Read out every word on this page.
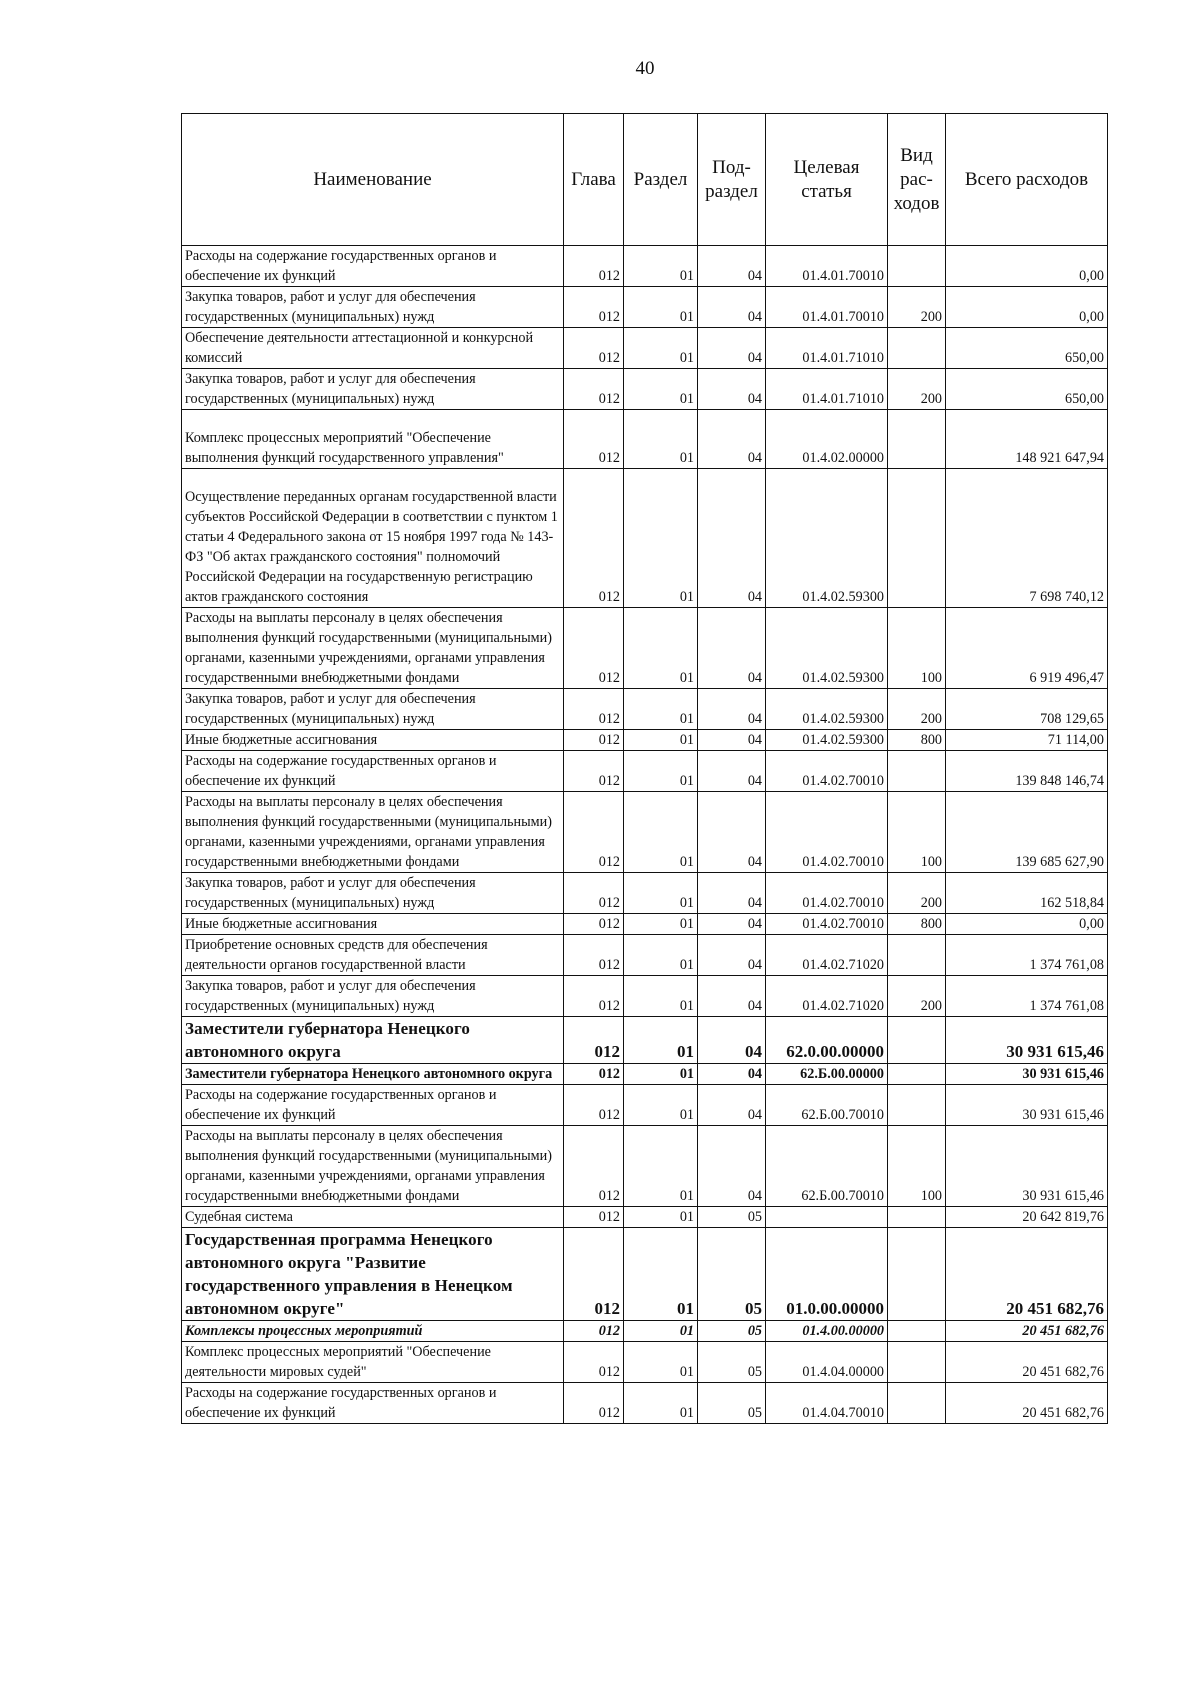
40
Наименование	Глава	Раздел	Под-раздел	Целевая статья	Вид рас-ходов	Всего расходов
Расходы на содержание государственных органов и обеспечение их функций	012	01	04	01.4.01.70010		0,00
Закупка товаров, работ и услуг для обеспечения государственных (муниципальных) нужд	012	01	04	01.4.01.70010	200	0,00
Обеспечение деятельности аттестационной и конкурсной комиссий	012	01	04	01.4.01.71010		650,00
Закупка товаров, работ и услуг для обеспечения государственных (муниципальных) нужд	012	01	04	01.4.01.71010	200	650,00
Комплекс процессных мероприятий "Обеспечение выполнения функций государственного управления"	012	01	04	01.4.02.00000		148 921 647,94
Осуществление переданных органам государственной власти субъектов Российской Федерации в соответствии с пунктом 1 статьи 4 Федерального закона от 15 ноября 1997 года № 143-ФЗ "Об актах гражданского состояния" полномочий Российской Федерации на государственную регистрацию актов гражданского состояния	012	01	04	01.4.02.59300		7 698 740,12
Расходы на выплаты персоналу в целях обеспечения выполнения функций государственными (муниципальными) органами, казенными учреждениями, органами управления государственными внебюджетными фондами	012	01	04	01.4.02.59300	100	6 919 496,47
Закупка товаров, работ и услуг для обеспечения государственных (муниципальных) нужд	012	01	04	01.4.02.59300	200	708 129,65
Иные бюджетные ассигнования	012	01	04	01.4.02.59300	800	71 114,00
Расходы на содержание государственных органов и обеспечение их функций	012	01	04	01.4.02.70010		139 848 146,74
Расходы на выплаты персоналу в целях обеспечения выполнения функций государственными (муниципальными) органами, казенными учреждениями, органами управления государственными внебюджетными фондами	012	01	04	01.4.02.70010	100	139 685 627,90
Закупка товаров, работ и услуг для обеспечения государственных (муниципальных) нужд	012	01	04	01.4.02.70010	200	162 518,84
Иные бюджетные ассигнования	012	01	04	01.4.02.70010	800	0,00
Приобретение основных средств для обеспечения деятельности органов государственной власти	012	01	04	01.4.02.71020		1 374 761,08
Закупка товаров, работ и услуг для обеспечения государственных (муниципальных) нужд	012	01	04	01.4.02.71020	200	1 374 761,08
Заместители губернатора Ненецкого автономного округа	012	01	04	62.0.00.00000		30 931 615,46
Заместители губернатора Ненецкого автономного округа	012	01	04	62.Б.00.00000		30 931 615,46
Расходы на содержание государственных органов и обеспечение их функций	012	01	04	62.Б.00.70010		30 931 615,46
Расходы на выплаты персоналу в целях обеспечения выполнения функций государственными (муниципальными) органами, казенными учреждениями, органами управления государственными внебюджетными фондами	012	01	04	62.Б.00.70010	100	30 931 615,46
Судебная система	012	01	05			20 642 819,76
Государственная программа Ненецкого автономного округа "Развитие государственного управления в Ненецком автономном округе"	012	01	05	01.0.00.00000		20 451 682,76
Комплексы процессных мероприятий	012	01	05	01.4.00.00000		20 451 682,76
Комплекс процессных мероприятий "Обеспечение деятельности мировых судей"	012	01	05	01.4.04.00000		20 451 682,76
Расходы на содержание государственных органов и обеспечение их функций	012	01	05	01.4.04.70010		20 451 682,76
